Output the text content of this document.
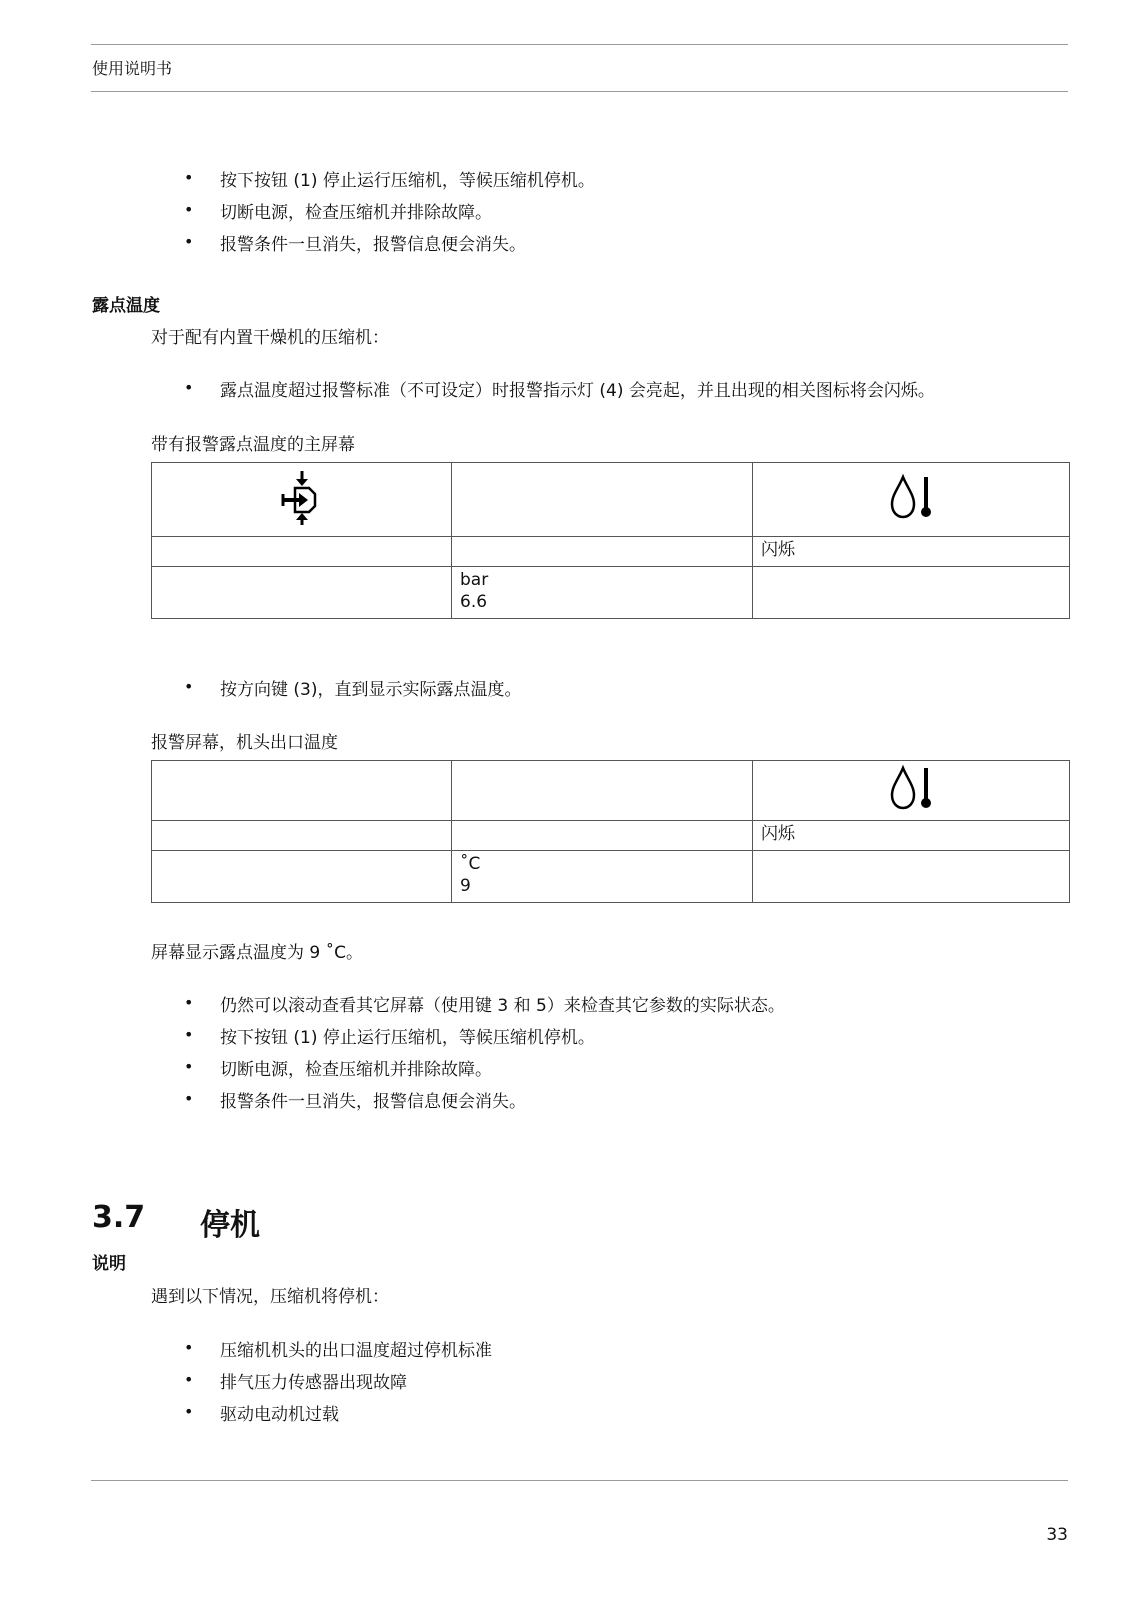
使用说明书
• 按下按钮 (1) 停止运行压缩机，等候压缩机停机。
• 切断电源，检查压缩机并排除故障。
• 报警条件一旦消失，报警信息便会消失。
露点温度
对于配有内置干燥机的压缩机：
• 露点温度超过报警标准（不可设定）时报警指示灯 (4) 会亮起，并且出现的相关图标将会闪烁。
带有报警露点温度的主屏幕

		闪烁

	bar
6.6	

• 按方向键 (3)，直到显示实际露点温度。
报警屏幕，机头出口温度

		闪烁

	˚C
9	

屏幕显示露点温度为 9 ˚C。
• 仍然可以滚动查看其它屏幕（使用键 3 和 5）来检查其它参数的实际状态。
• 按下按钮 (1) 停止运行压缩机，等候压缩机停机。
• 切断电源，检查压缩机并排除故障。
• 报警条件一旦消失，报警信息便会消失。
3.7 停机
说明
遇到以下情况，压缩机将停机：
• 压缩机机头的出口温度超过停机标准
• 排气压力传感器出现故障
• 驱动电动机过载
33
